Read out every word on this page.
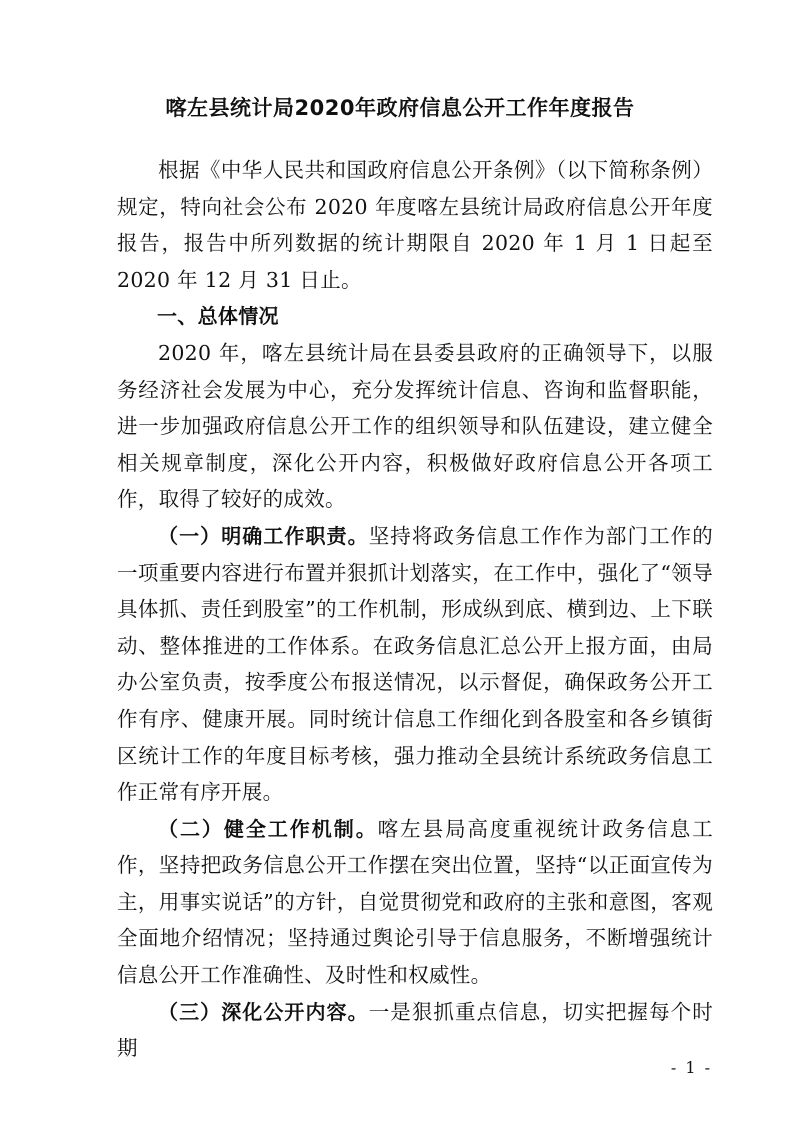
喀左县统计局2020年政府信息公开工作年度报告

根据《中华人民共和国政府信息公开条例》（以下简称条例）规定，特向社会公布 2020 年度喀左县统计局政府信息公开年度报告，报告中所列数据的统计期限自 2020 年 1 月 1 日起至 2020 年 12 月 31 日止。

一、总体情况

2020 年，喀左县统计局在县委县政府的正确领导下，以服务经济社会发展为中心，充分发挥统计信息、咨询和监督职能，进一步加强政府信息公开工作的组织领导和队伍建设，建立健全相关规章制度，深化公开内容，积极做好政府信息公开各项工作，取得了较好的成效。

（一）明确工作职责。坚持将政务信息工作作为部门工作的一项重要内容进行布置并狠抓计划落实，在工作中，强化了“领导具体抓、责任到股室”的工作机制，形成纵到底、横到边、上下联动、整体推进的工作体系。在政务信息汇总公开上报方面，由局办公室负责，按季度公布报送情况，以示督促，确保政务公开工作有序、健康开展。同时统计信息工作细化到各股室和各乡镇街区统计工作的年度目标考核，强力推动全县统计系统政务信息工作正常有序开展。

（二）健全工作机制。喀左县局高度重视统计政务信息工作，坚持把政务信息公开工作摆在突出位置，坚持“以正面宣传为主，用事实说话”的方针，自觉贯彻党和政府的主张和意图，客观全面地介绍情况；坚持通过舆论引导于信息服务，不断增强统计信息公开工作准确性、及时性和权威性。

（三）深化公开内容。一是狠抓重点信息，切实把握每个时期

- 1 -
